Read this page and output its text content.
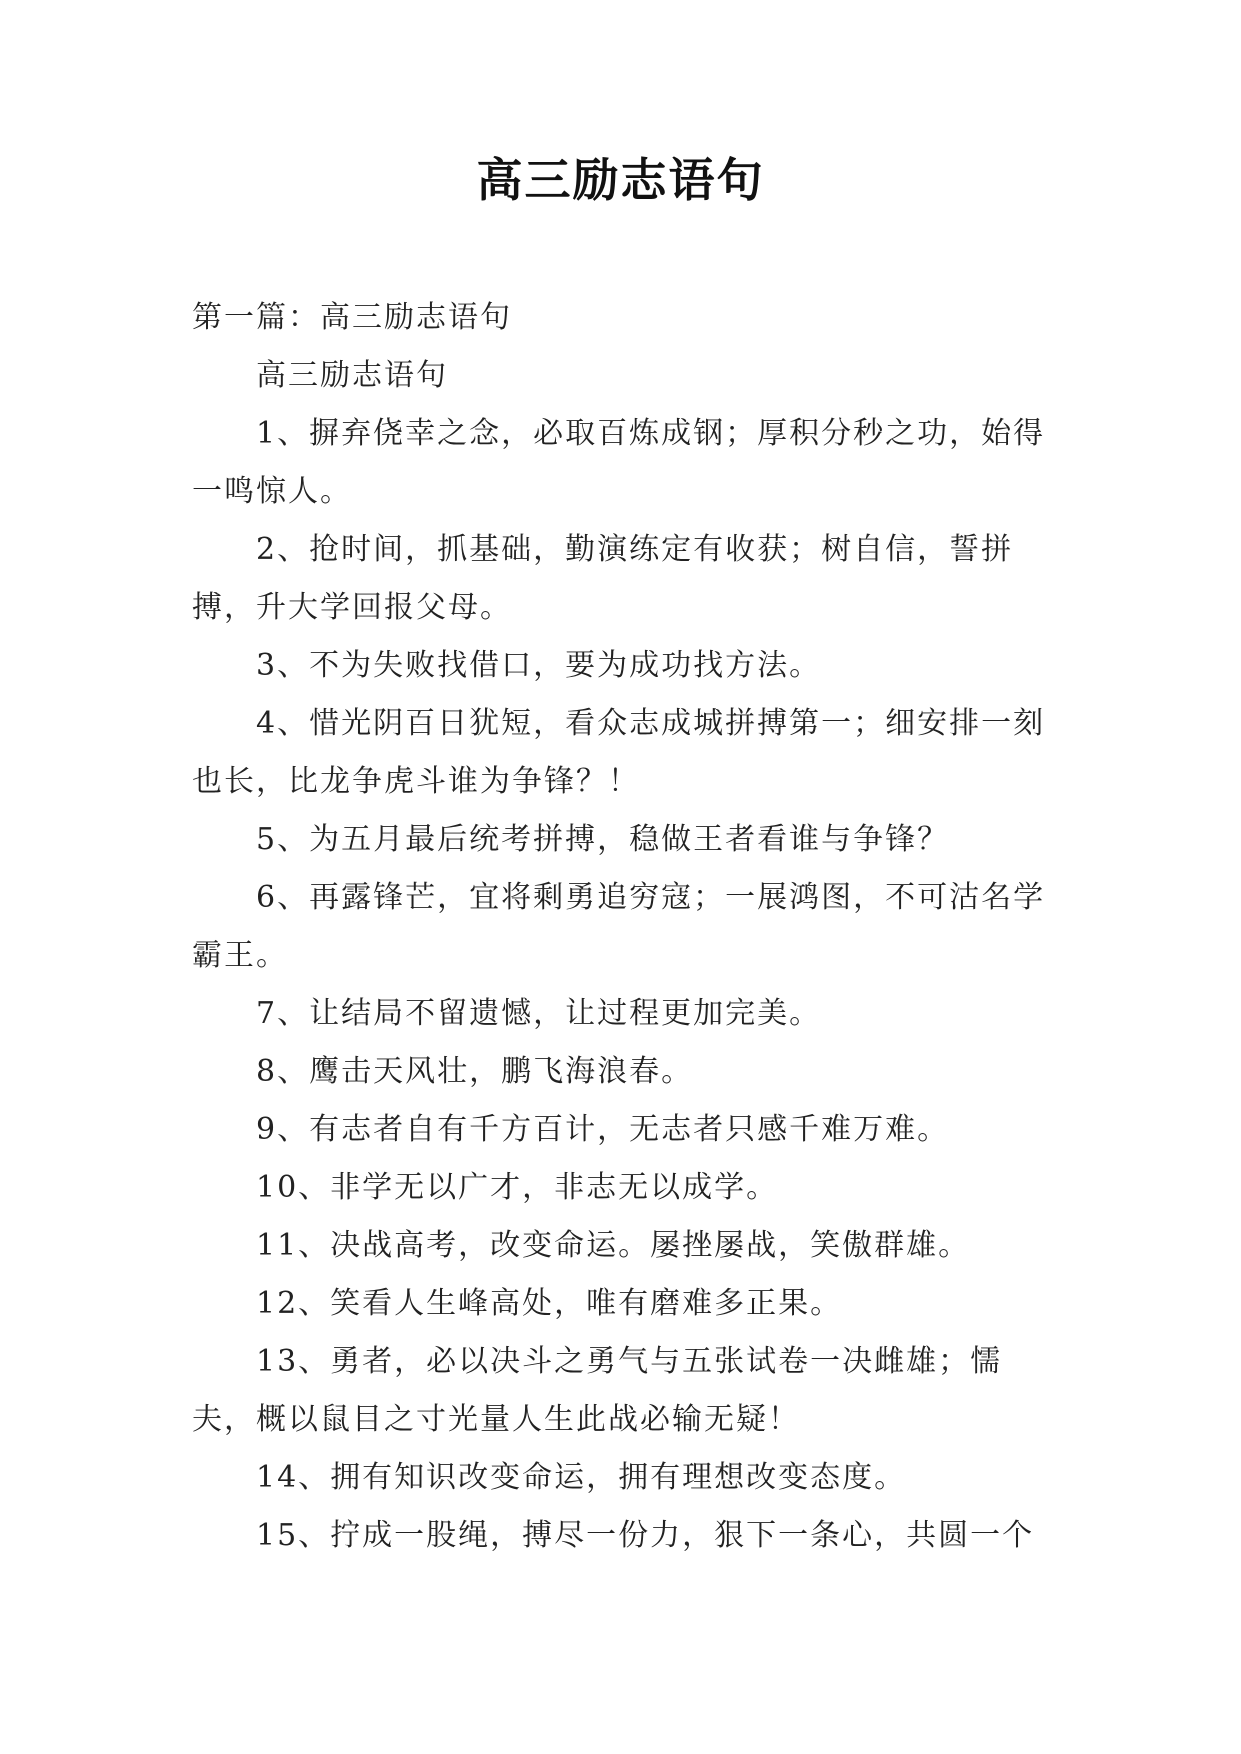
高三励志语句

第一篇：高三励志语句

高三励志语句

1、摒弃侥幸之念，必取百炼成钢；厚积分秒之功，始得一鸣惊人。

2、抢时间，抓基础，勤演练定有收获；树自信，誓拼搏，升大学回报父母。

3、不为失败找借口，要为成功找方法。

4、惜光阴百日犹短，看众志成城拼搏第一；细安排一刻也长，比龙争虎斗谁为争锋？！

5、为五月最后统考拼搏，稳做王者看谁与争锋？

6、再露锋芒，宜将剩勇追穷寇；一展鸿图，不可沽名学霸王。

7、让结局不留遗憾，让过程更加完美。

8、鹰击天风壮，鹏飞海浪春。

9、有志者自有千方百计，无志者只感千难万难。

10、非学无以广才，非志无以成学。

11、决战高考，改变命运。屡挫屡战，笑傲群雄。

12、笑看人生峰高处，唯有磨难多正果。

13、勇者，必以决斗之勇气与五张试卷一决雌雄；懦夫，概以鼠目之寸光量人生此战必输无疑！

14、拥有知识改变命运，拥有理想改变态度。

15、拧成一股绳，搏尽一份力，狠下一条心，共圆一个
